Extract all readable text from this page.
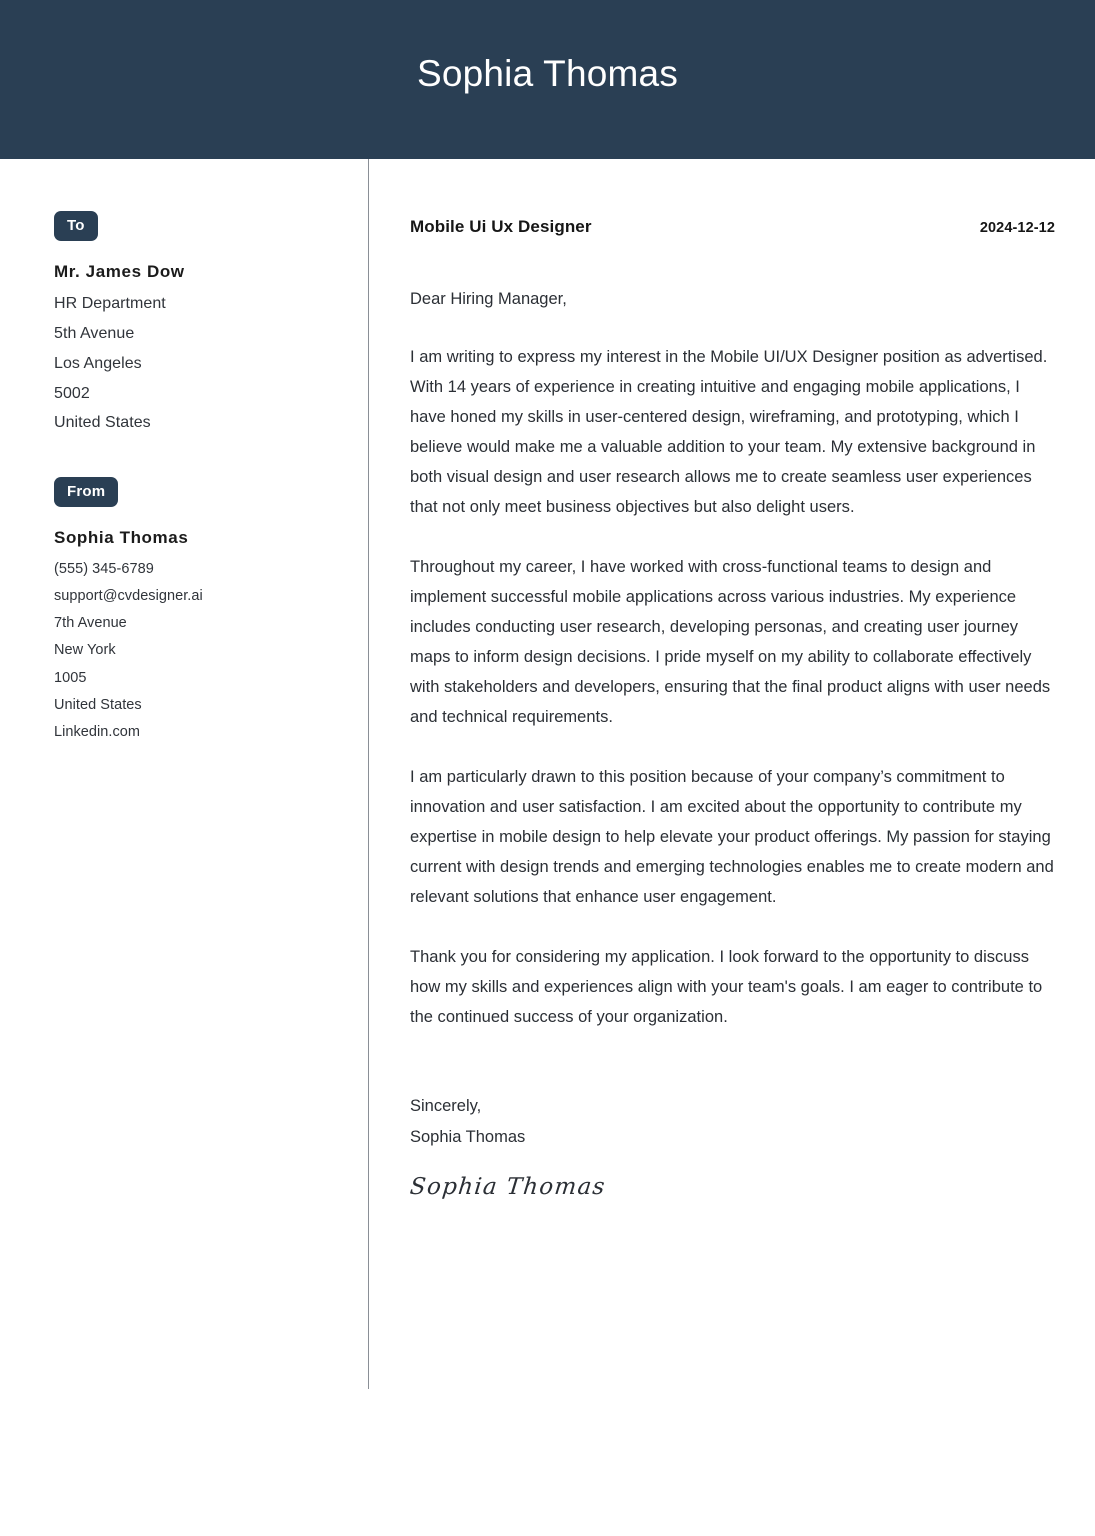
Sophia Thomas
To
Mr. James Dow
HR Department
5th Avenue
Los Angeles
5002
United States
From
Sophia Thomas
(555) 345-6789
support@cvdesigner.ai
7th Avenue
New York
1005
United States
Linkedin.com
Mobile Ui Ux Designer	2024-12-12
Dear Hiring Manager,

I am writing to express my interest in the Mobile UI/UX Designer position as advertised. With 14 years of experience in creating intuitive and engaging mobile applications, I have honed my skills in user-centered design, wireframing, and prototyping, which I believe would make me a valuable addition to your team. My extensive background in both visual design and user research allows me to create seamless user experiences that not only meet business objectives but also delight users.

Throughout my career, I have worked with cross-functional teams to design and implement successful mobile applications across various industries. My experience includes conducting user research, developing personas, and creating user journey maps to inform design decisions. I pride myself on my ability to collaborate effectively with stakeholders and developers, ensuring that the final product aligns with user needs and technical requirements.

I am particularly drawn to this position because of your company’s commitment to innovation and user satisfaction. I am excited about the opportunity to contribute my expertise in mobile design to help elevate your product offerings. My passion for staying current with design trends and emerging technologies enables me to create modern and relevant solutions that enhance user engagement.

Thank you for considering my application. I look forward to the opportunity to discuss how my skills and experiences align with your team's goals. I am eager to contribute to the continued success of your organization.

Sincerely,
Sophia Thomas
Sophia Thomas
